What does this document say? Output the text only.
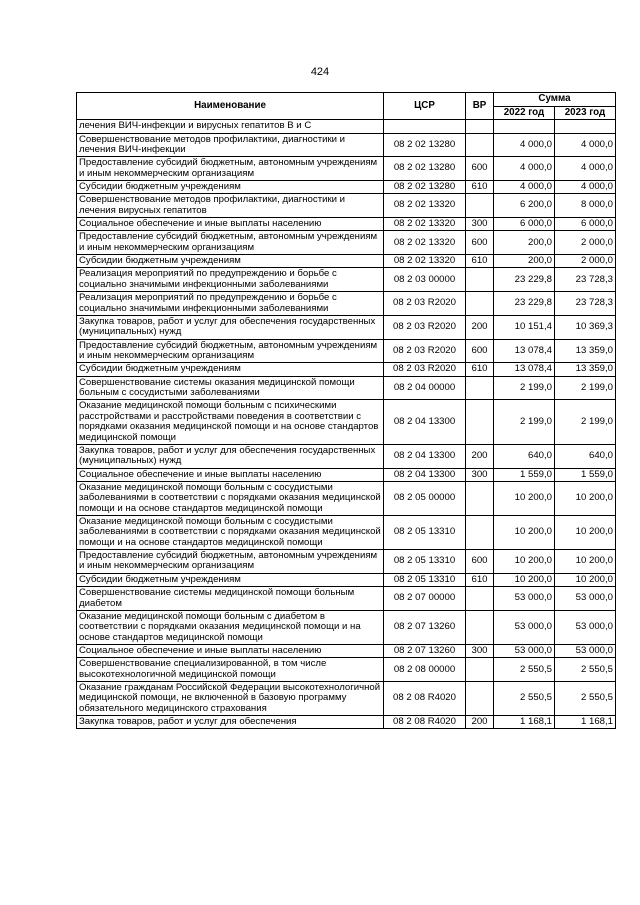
424
Наименование	ЦСР	ВР	Сумма	
			2022 год	2023 год
лечения ВИЧ-инфекции и вирусных гепатитов В и С				
Совершенствование методов профилактики, диагностики и лечения ВИЧ-инфекции	08 2 02 13280		4 000,0	4 000,0
Предоставление субсидий бюджетным, автономным учреждениям и иным некоммерческим организациям	08 2 02 13280	600	4 000,0	4 000,0
Субсидии бюджетным учреждениям	08 2 02 13280	610	4 000,0	4 000,0
Совершенствование методов профилактики, диагностики и лечения вирусных гепатитов	08 2 02 13320		6 200,0	8 000,0
Социальное обеспечение и иные выплаты населению	08 2 02 13320	300	6 000,0	6 000,0
Предоставление субсидий бюджетным, автономным учреждениям и иным некоммерческим организациям	08 2 02 13320	600	200,0	2 000,0
Субсидии бюджетным учреждениям	08 2 02 13320	610	200,0	2 000,0
Реализация мероприятий по предупреждению и борьбе с социально значимыми инфекционными заболеваниями	08 2 03 00000		23 229,8	23 728,3
Реализация мероприятий по предупреждению и борьбе с социально значимыми инфекционными заболеваниями	08 2 03 R2020		23 229,8	23 728,3
Закупка товаров, работ и услуг для обеспечения государственных (муниципальных) нужд	08 2 03 R2020	200	10 151,4	10 369,3
Предоставление субсидий бюджетным, автономным учреждениям и иным некоммерческим организациям	08 2 03 R2020	600	13 078,4	13 359,0
Субсидии бюджетным учреждениям	08 2 03 R2020	610	13 078,4	13 359,0
Совершенствование системы оказания медицинской помощи больным с сосудистыми заболеваниями	08 2 04 00000		2 199,0	2 199,0
Оказание медицинской помощи больным с психическими расстройствами и расстройствами поведения в соответствии с порядками оказания медицинской помощи и на основе стандартов медицинской помощи	08 2 04 13300		2 199,0	2 199,0
Закупка товаров, работ и услуг для обеспечения государственных (муниципальных) нужд	08 2 04 13300	200	640,0	640,0
Социальное обеспечение и иные выплаты населению	08 2 04 13300	300	1 559,0	1 559,0
Оказание медицинской помощи больным с сосудистыми заболеваниями в соответствии с порядками оказания медицинской помощи и на основе стандартов медицинской помощи	08 2 05 00000		10 200,0	10 200,0
Оказание медицинской помощи больным с сосудистыми заболеваниями в соответствии с порядками оказания медицинской помощи и на основе стандартов медицинской помощи	08 2 05 13310		10 200,0	10 200,0
Предоставление субсидий бюджетным, автономным учреждениям и иным некоммерческим организациям	08 2 05 13310	600	10 200,0	10 200,0
Субсидии бюджетным учреждениям	08 2 05 13310	610	10 200,0	10 200,0
Совершенствование системы медицинской помощи больным диабетом	08 2 07 00000		53 000,0	53 000,0
Оказание медицинской помощи больным с диабетом в соответствии с порядками оказания медицинской помощи и на основе стандартов медицинской помощи	08 2 07 13260		53 000,0	53 000,0
Социальное обеспечение и иные выплаты населению	08 2 07 13260	300	53 000,0	53 000,0
Совершенствование специализированной, в том числе высокотехнологичной медицинской помощи	08 2 08 00000		2 550,5	2 550,5
Оказание гражданам Российской Федерации высокотехнологичной медицинской помощи, не включенной в базовую программу обязательного медицинского страхования	08 2 08 R4020		2 550,5	2 550,5
Закупка товаров, работ и услуг для обеспечения	08 2 08 R4020	200	1 168,1	1 168,1
